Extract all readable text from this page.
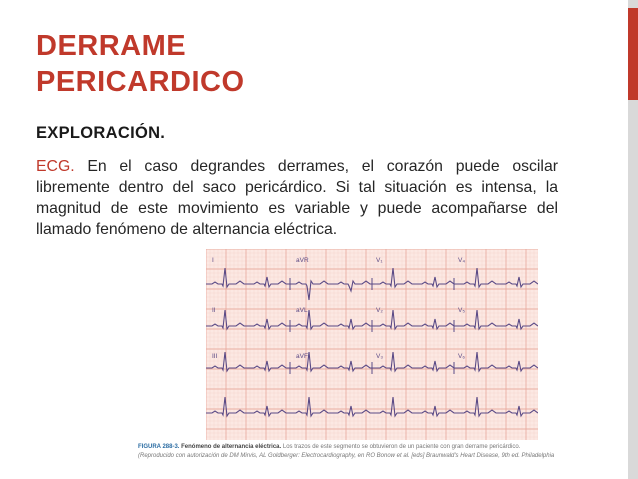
DERRAME
PERICARDICO

EXPLORACIÓN.

ECG. En el caso degrandes derrames, el corazón puede oscilar libremente dentro del saco pericárdico. Si tal situación es intensa, la magnitud de este movimiento es variable y puede acompañarse del llamado fenómeno de alternancia eléctrica.

I	aVR	V₁	V₄
II	aVL	V₂	V₅
III	aVF	V₃	V₆

FIGURA 288-3. Fenómeno de alternancia eléctrica. Los trazos de este segmento se obtuvieron de un paciente con gran derrame pericárdico.
(Reproducido con autorización de DM Mirvis, AL Goldberger: Electrocardiography, en RO Bonow et al. [eds] Braunwald's Heart Disease, 9th ed. Philadelphia
